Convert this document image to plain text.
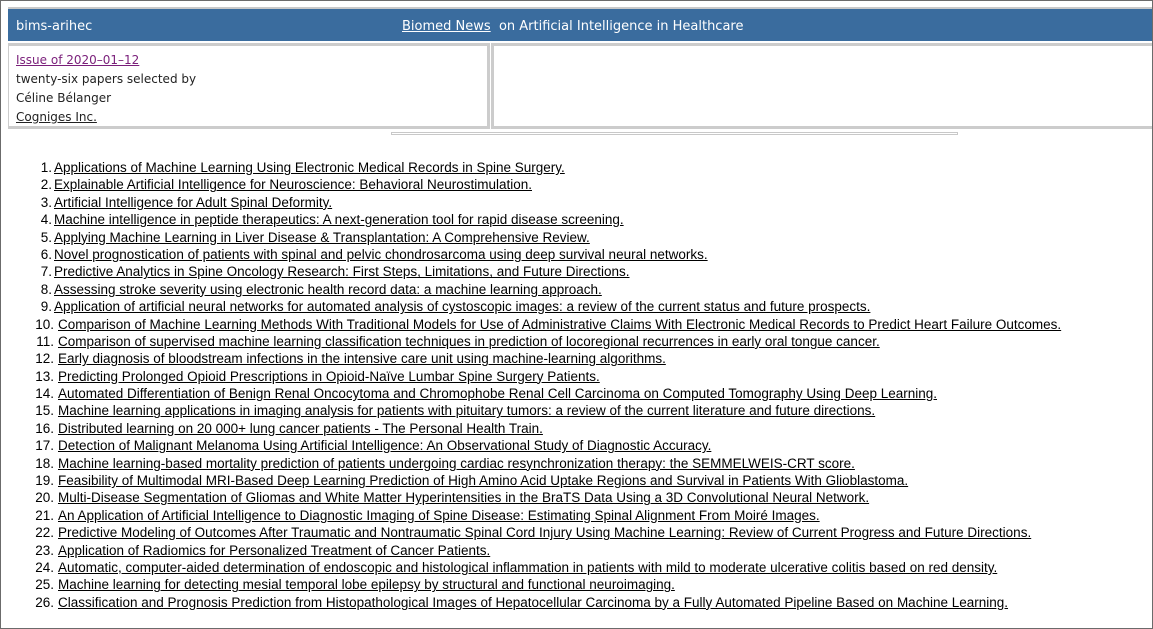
bims-arihec	Biomed News on Artificial Intelligence in Healthcare
Issue of 2020–01–12
twenty-six papers selected by
Céline Bélanger
Cogniges Inc.
1. Applications of Machine Learning Using Electronic Medical Records in Spine Surgery.
2. Explainable Artificial Intelligence for Neuroscience: Behavioral Neurostimulation.
3. Artificial Intelligence for Adult Spinal Deformity.
4. Machine intelligence in peptide therapeutics: A next-generation tool for rapid disease screening.
5. Applying Machine Learning in Liver Disease & Transplantation: A Comprehensive Review.
6. Novel prognostication of patients with spinal and pelvic chondrosarcoma using deep survival neural networks.
7. Predictive Analytics in Spine Oncology Research: First Steps, Limitations, and Future Directions.
8. Assessing stroke severity using electronic health record data: a machine learning approach.
9. Application of artificial neural networks for automated analysis of cystoscopic images: a review of the current status and future prospects.
10. Comparison of Machine Learning Methods With Traditional Models for Use of Administrative Claims With Electronic Medical Records to Predict Heart Failure Outcomes.
11. Comparison of supervised machine learning classification techniques in prediction of locoregional recurrences in early oral tongue cancer.
12. Early diagnosis of bloodstream infections in the intensive care unit using machine-learning algorithms.
13. Predicting Prolonged Opioid Prescriptions in Opioid-Naïve Lumbar Spine Surgery Patients.
14. Automated Differentiation of Benign Renal Oncocytoma and Chromophobe Renal Cell Carcinoma on Computed Tomography Using Deep Learning.
15. Machine learning applications in imaging analysis for patients with pituitary tumors: a review of the current literature and future directions.
16. Distributed learning on 20 000+ lung cancer patients - The Personal Health Train.
17. Detection of Malignant Melanoma Using Artificial Intelligence: An Observational Study of Diagnostic Accuracy.
18. Machine learning-based mortality prediction of patients undergoing cardiac resynchronization therapy: the SEMMELWEIS-CRT score.
19. Feasibility of Multimodal MRI-Based Deep Learning Prediction of High Amino Acid Uptake Regions and Survival in Patients With Glioblastoma.
20. Multi-Disease Segmentation of Gliomas and White Matter Hyperintensities in the BraTS Data Using a 3D Convolutional Neural Network.
21. An Application of Artificial Intelligence to Diagnostic Imaging of Spine Disease: Estimating Spinal Alignment From Moiré Images.
22. Predictive Modeling of Outcomes After Traumatic and Nontraumatic Spinal Cord Injury Using Machine Learning: Review of Current Progress and Future Directions.
23. Application of Radiomics for Personalized Treatment of Cancer Patients.
24. Automatic, computer-aided determination of endoscopic and histological inflammation in patients with mild to moderate ulcerative colitis based on red density.
25. Machine learning for detecting mesial temporal lobe epilepsy by structural and functional neuroimaging.
26. Classification and Prognosis Prediction from Histopathological Images of Hepatocellular Carcinoma by a Fully Automated Pipeline Based on Machine Learning.
